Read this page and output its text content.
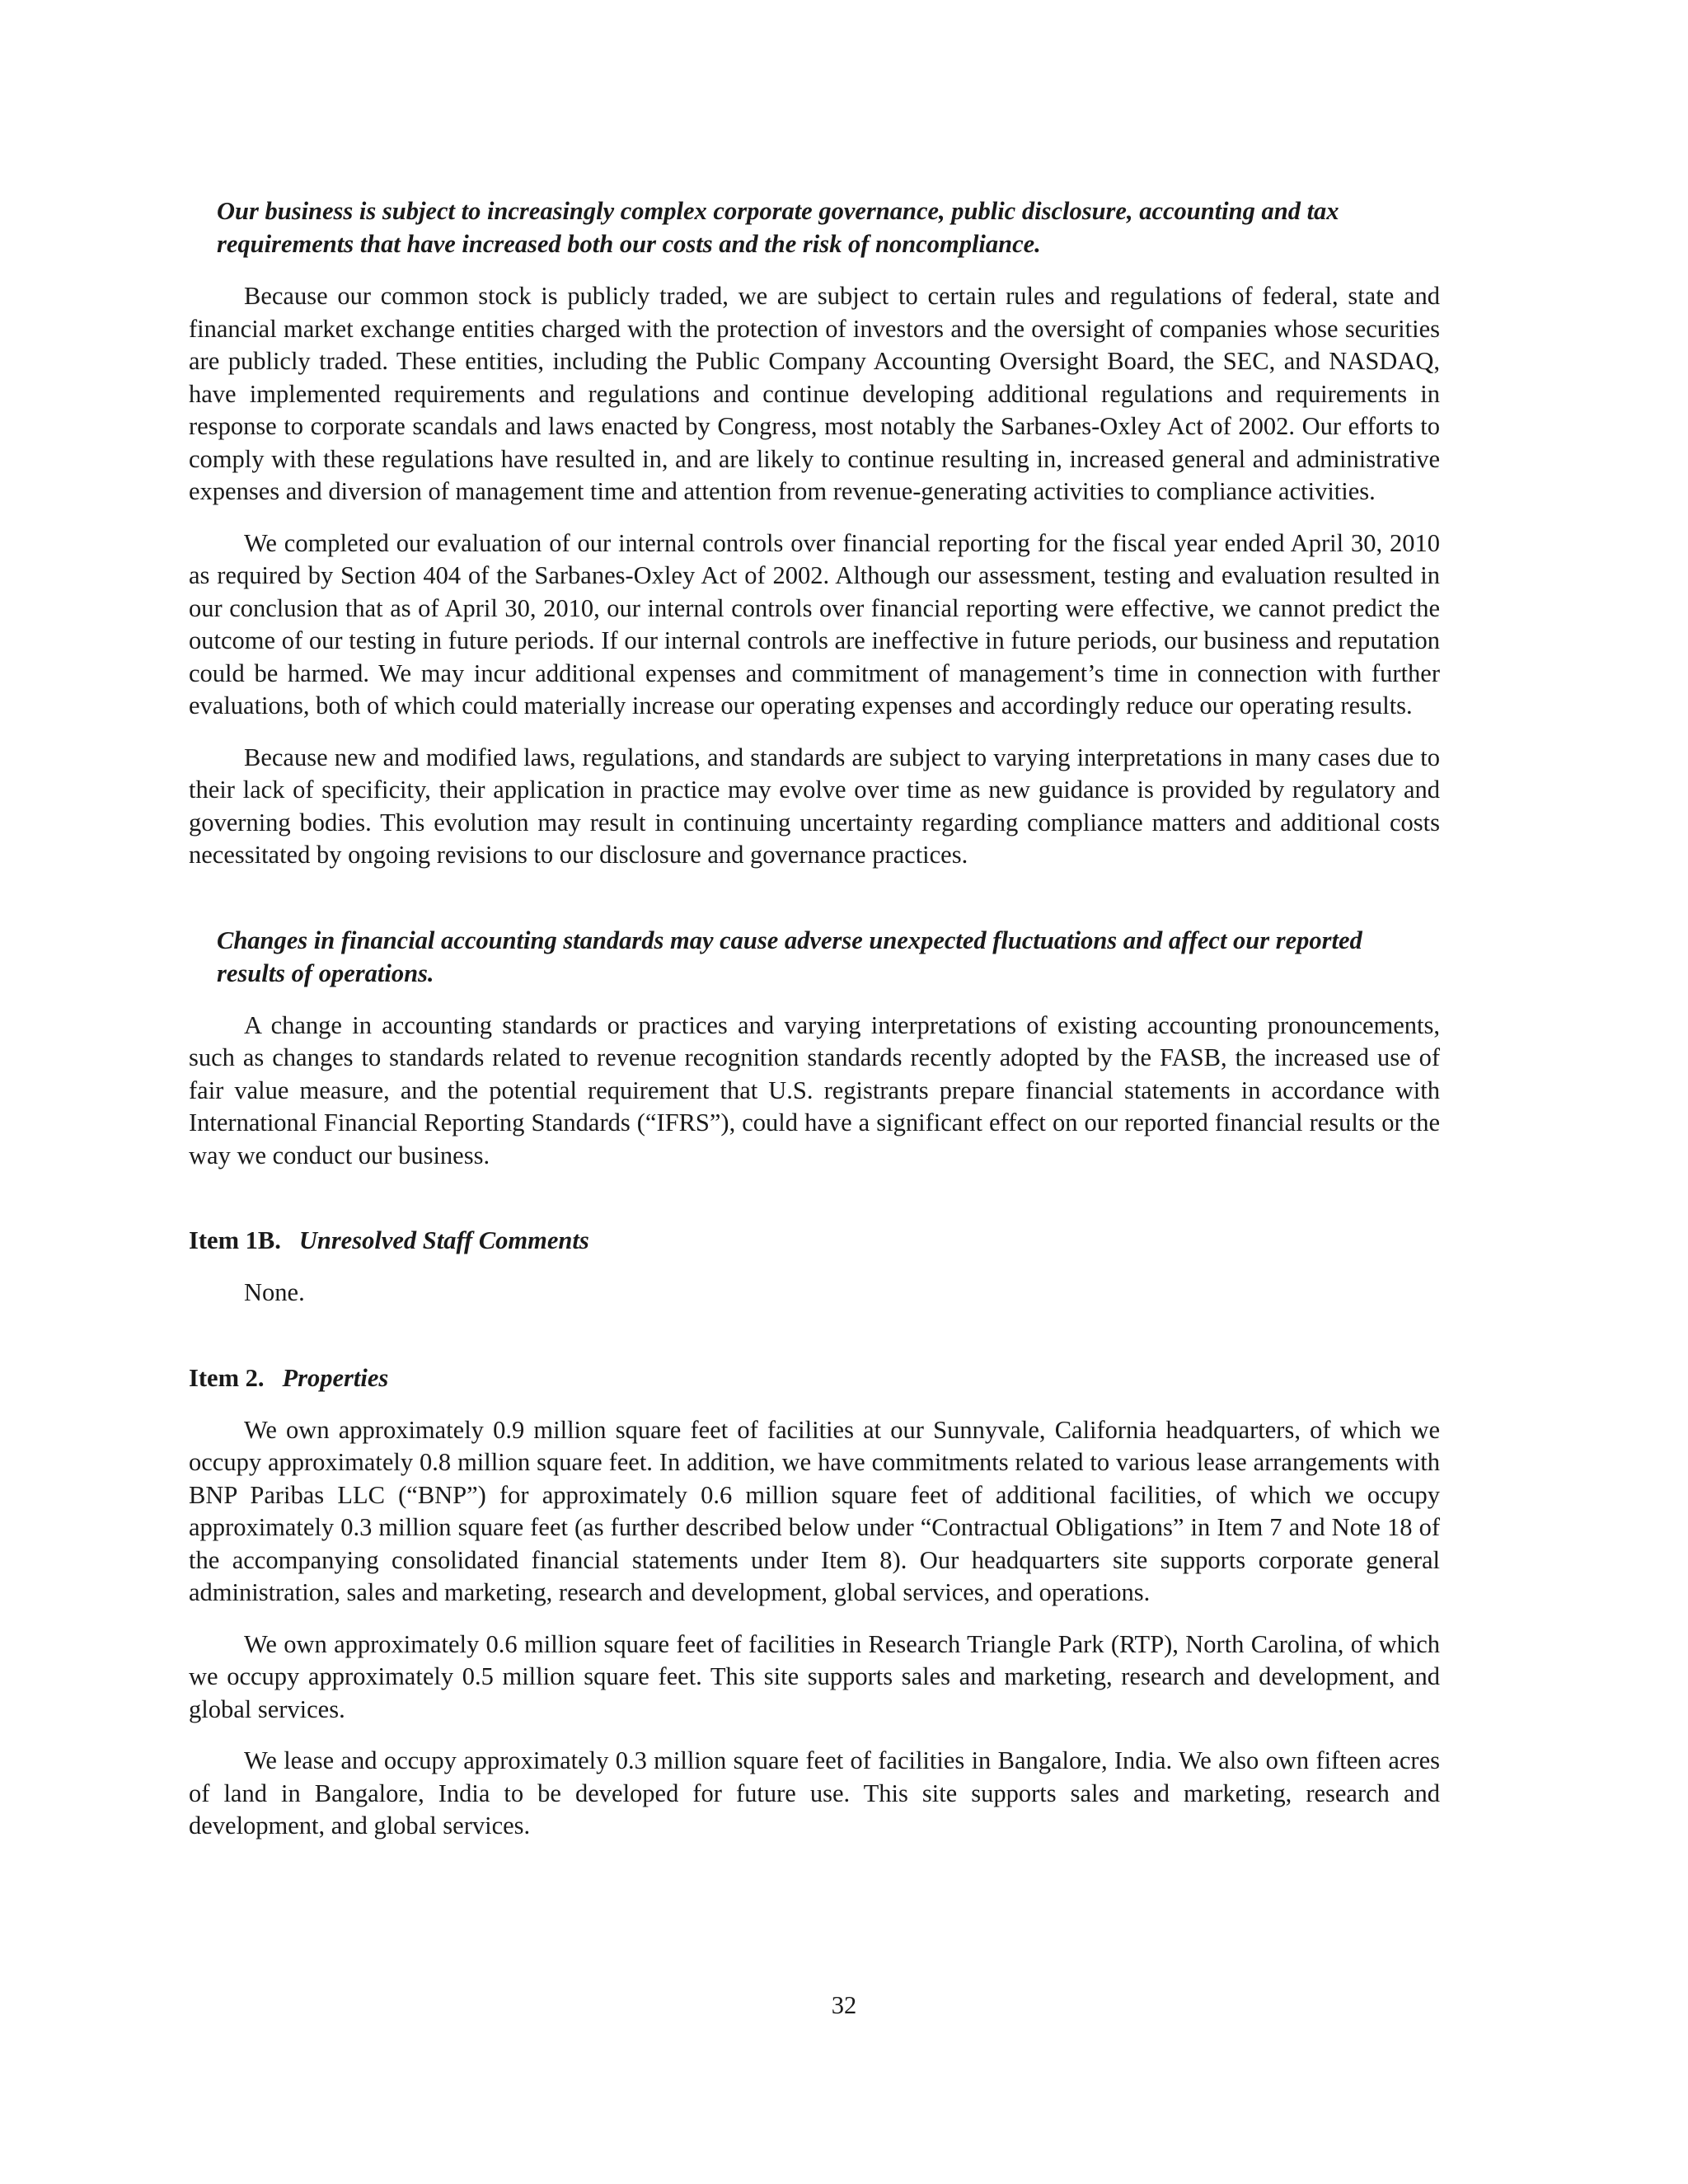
Our business is subject to increasingly complex corporate governance, public disclosure, accounting and tax requirements that have increased both our costs and the risk of noncompliance.

Because our common stock is publicly traded, we are subject to certain rules and regulations of federal, state and financial market exchange entities charged with the protection of investors and the oversight of companies whose securities are publicly traded. These entities, including the Public Company Accounting Oversight Board, the SEC, and NASDAQ, have implemented requirements and regulations and continue developing additional regulations and requirements in response to corporate scandals and laws enacted by Congress, most notably the Sarbanes-Oxley Act of 2002. Our efforts to comply with these regulations have resulted in, and are likely to continue resulting in, increased general and administrative expenses and diversion of management time and attention from revenue-generating activities to compliance activities.

We completed our evaluation of our internal controls over financial reporting for the fiscal year ended April 30, 2010 as required by Section 404 of the Sarbanes-Oxley Act of 2002. Although our assessment, testing and evaluation resulted in our conclusion that as of April 30, 2010, our internal controls over financial reporting were effective, we cannot predict the outcome of our testing in future periods. If our internal controls are ineffective in future periods, our business and reputation could be harmed. We may incur additional expenses and commitment of management’s time in connection with further evaluations, both of which could materially increase our operating expenses and accordingly reduce our operating results.

Because new and modified laws, regulations, and standards are subject to varying interpretations in many cases due to their lack of specificity, their application in practice may evolve over time as new guidance is provided by regulatory and governing bodies. This evolution may result in continuing uncertainty regarding compliance matters and additional costs necessitated by ongoing revisions to our disclosure and governance practices.

Changes in financial accounting standards may cause adverse unexpected fluctuations and affect our reported results of operations.

A change in accounting standards or practices and varying interpretations of existing accounting pronouncements, such as changes to standards related to revenue recognition standards recently adopted by the FASB, the increased use of fair value measure, and the potential requirement that U.S. registrants prepare financial statements in accordance with International Financial Reporting Standards (“IFRS”), could have a significant effect on our reported financial results or the way we conduct our business.

Item 1B. Unresolved Staff Comments

None.

Item 2. Properties

We own approximately 0.9 million square feet of facilities at our Sunnyvale, California headquarters, of which we occupy approximately 0.8 million square feet. In addition, we have commitments related to various lease arrangements with BNP Paribas LLC (“BNP”) for approximately 0.6 million square feet of additional facilities, of which we occupy approximately 0.3 million square feet (as further described below under “Contractual Obligations” in Item 7 and Note 18 of the accompanying consolidated financial statements under Item 8). Our headquarters site supports corporate general administration, sales and marketing, research and development, global services, and operations.

We own approximately 0.6 million square feet of facilities in Research Triangle Park (RTP), North Carolina, of which we occupy approximately 0.5 million square feet. This site supports sales and marketing, research and development, and global services.

We lease and occupy approximately 0.3 million square feet of facilities in Bangalore, India. We also own fifteen acres of land in Bangalore, India to be developed for future use. This site supports sales and marketing, research and development, and global services.

32
